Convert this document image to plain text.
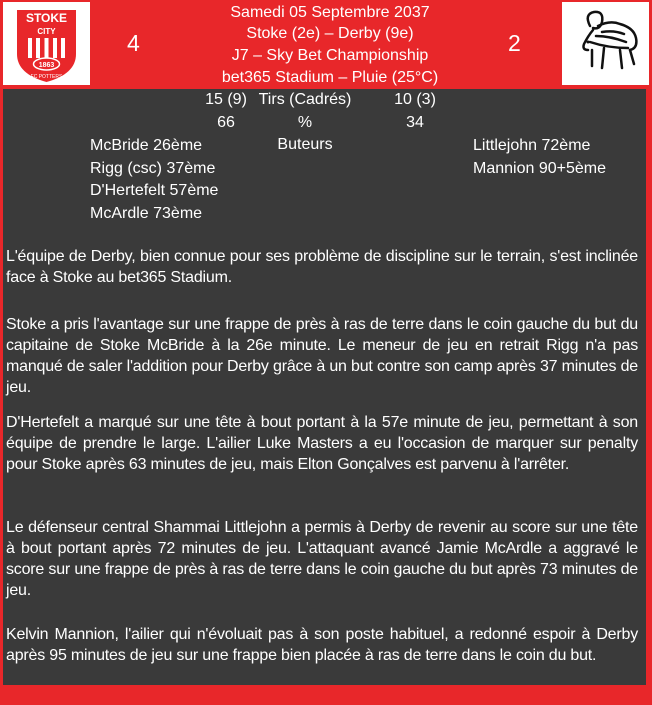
STOKE
CITY
1863
FC POTTERS
4
Samedi 05 Septembre 2037
Stoke (2e) – Derby (9e)
J7 – Sky Bet Championship
bet365 Stadium – Pluie (25°C)
2
15 (9) Tirs (Cadrés)	10 (3)
66	%	34
Buteurs
McBride 26ème
Rigg (csc) 37ème
D'Hertefelt 57ème
McArdle 73ème
Littlejohn 72ème
Mannion 90+5ème
L'équipe de Derby, bien connue pour ses problème de discipline sur le terrain, s'est inclinée face à Stoke au bet365 Stadium.
Stoke a pris l'avantage sur une frappe de près à ras de terre dans le coin gauche du but du capitaine de Stoke McBride à la 26e minute. Le meneur de jeu en retrait Rigg n'a pas manqué de saler l'addition pour Derby grâce à un but contre son camp après 37 minutes de jeu.
D'Hertefelt a marqué sur une tête à bout portant à la 57e minute de jeu, permettant à son équipe de prendre le large. L'ailier Luke Masters a eu l'occasion de marquer sur penalty pour Stoke après 63 minutes de jeu, mais Elton Gonçalves est parvenu à l'arrêter.
Le défenseur central Shammai Littlejohn a permis à Derby de revenir au score sur une tête à bout portant après 72 minutes de jeu. L'attaquant avancé Jamie McArdle a aggravé le score sur une frappe de près à ras de terre dans le coin gauche du but après 73 minutes de jeu.
Kelvin Mannion, l'ailier qui n'évoluait pas à son poste habituel, a redonné espoir à Derby après 95 minutes de jeu sur une frappe bien placée à ras de terre dans le coin du but.
